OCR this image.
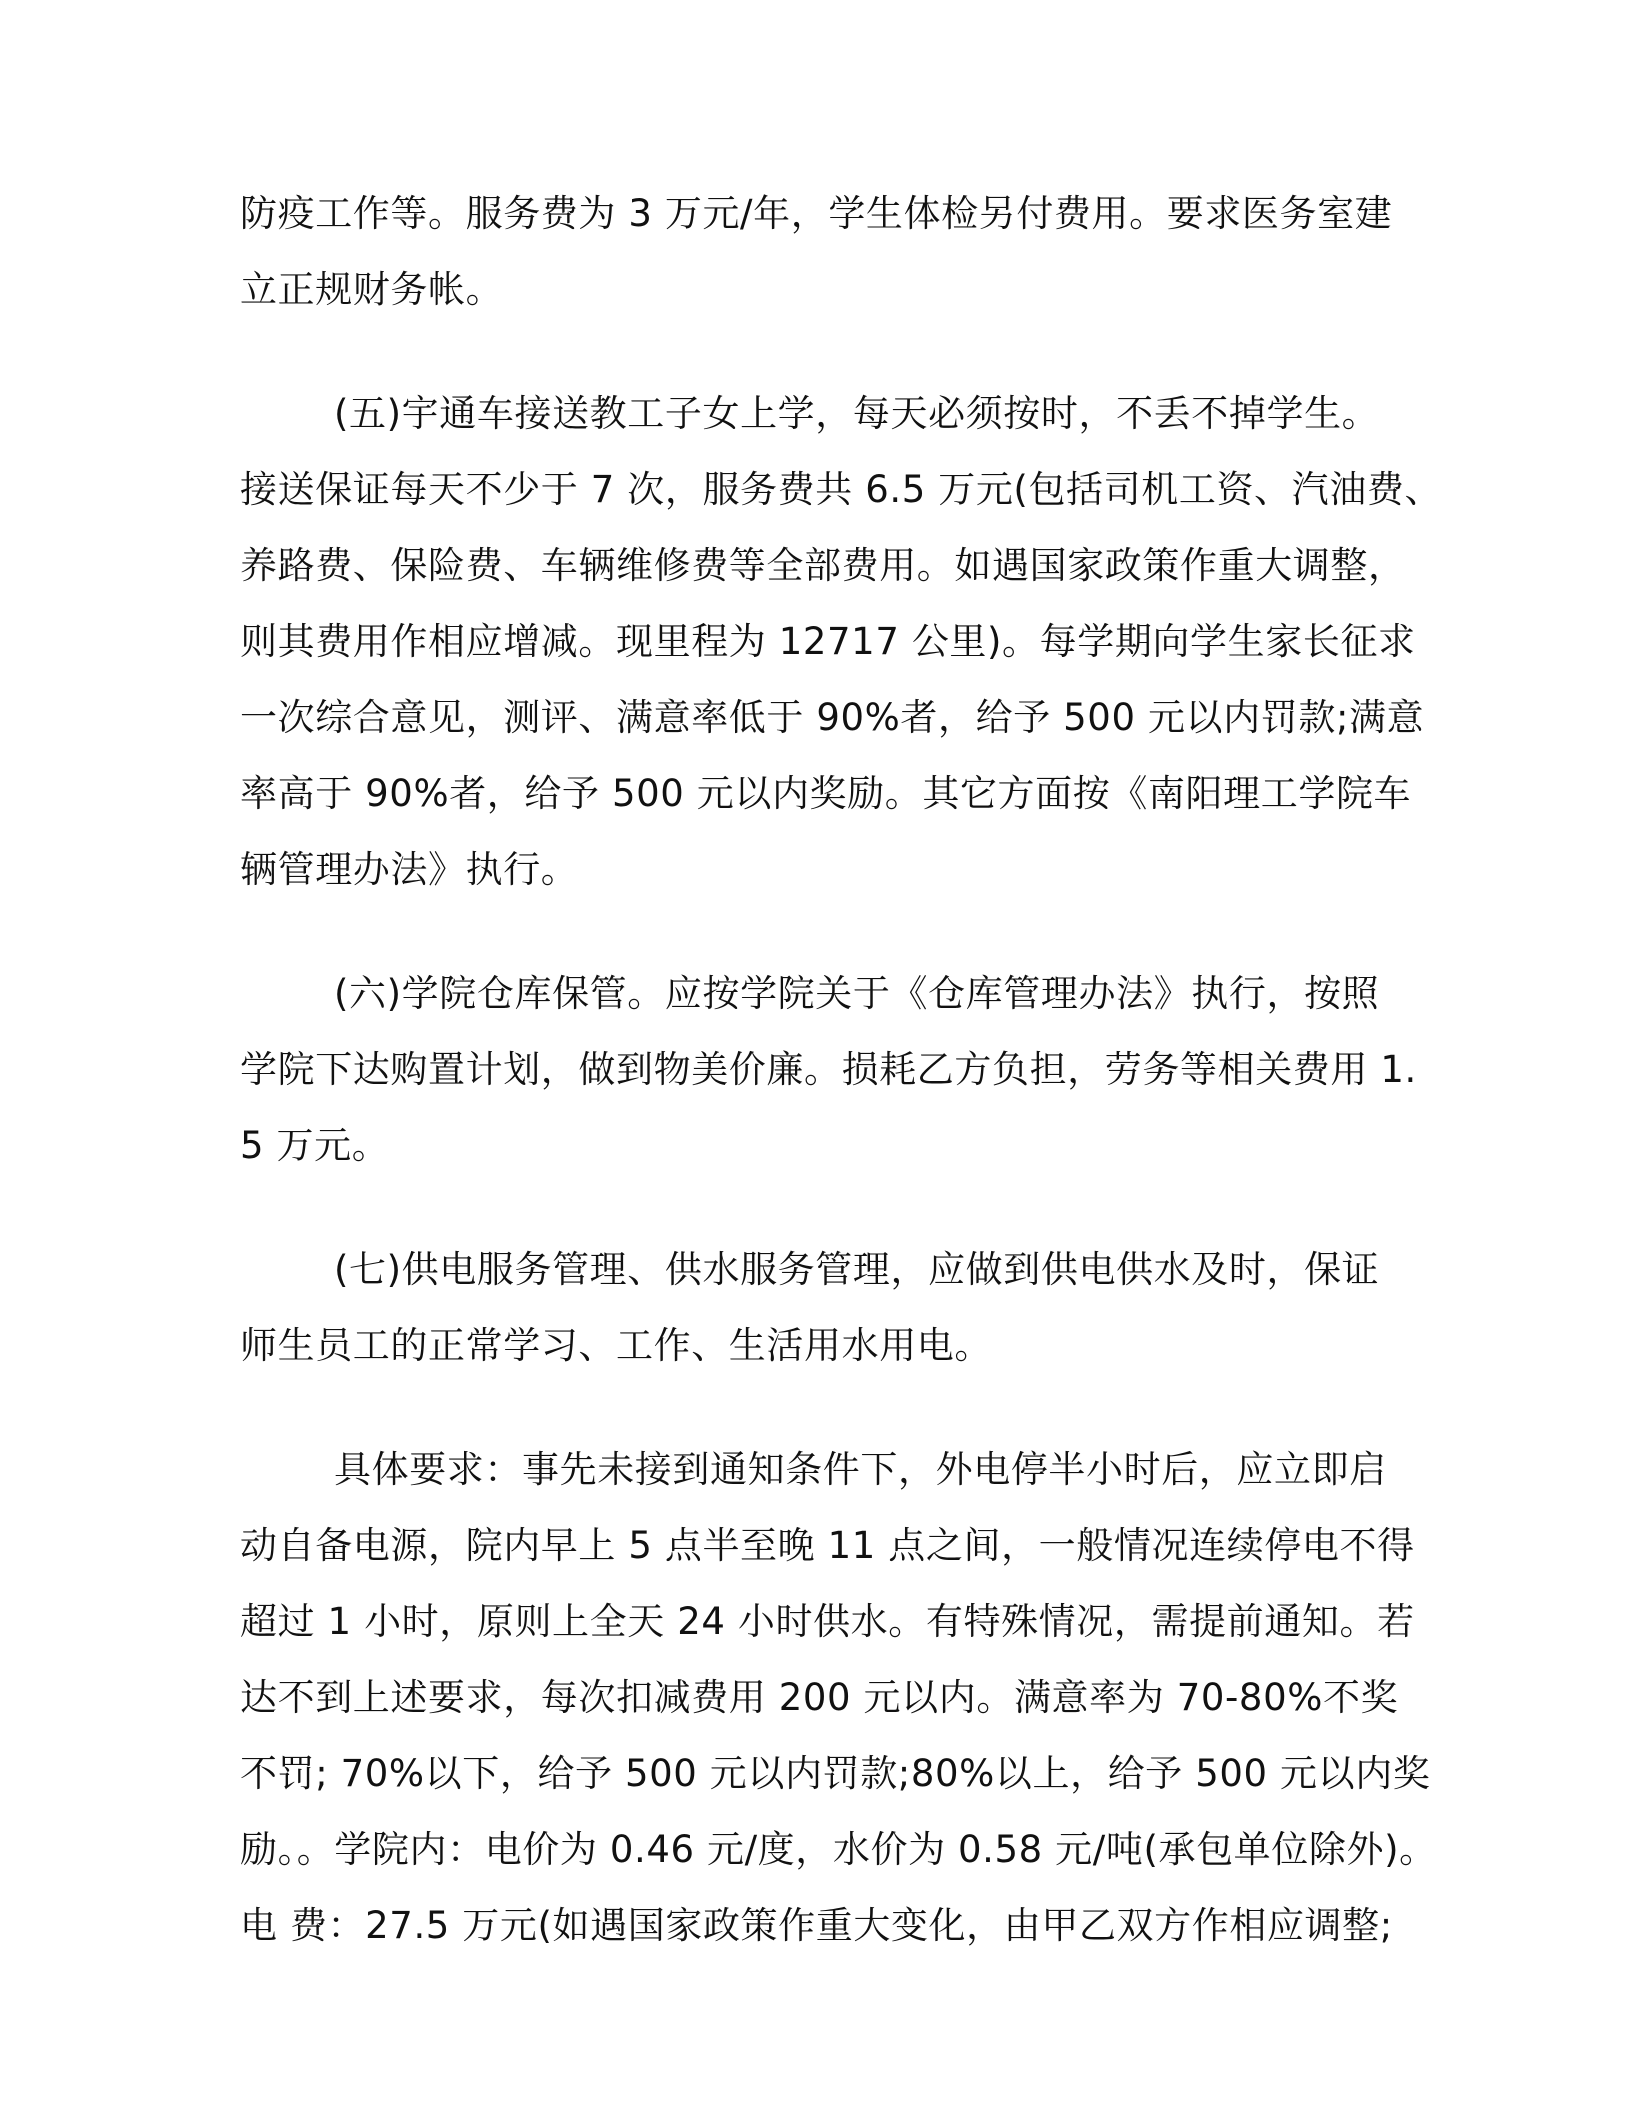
防疫工作等。服务费为 3 万元/年，学生体检另付费用。要求医务室建
立正规财务帐。
(五)宇通车接送教工子女上学，每天必须按时，不丢不掉学生。
接送保证每天不少于 7 次，服务费共 6.5 万元(包括司机工资、汽油费、
养路费、保险费、车辆维修费等全部费用。如遇国家政策作重大调整，
则其费用作相应增减。现里程为 12717 公里)。每学期向学生家长征求
一次综合意见，测评、满意率低于 90%者，给予 500 元以内罚款;满意
率高于 90%者，给予 500 元以内奖励。其它方面按《南阳理工学院车
辆管理办法》执行。
(六)学院仓库保管。应按学院关于《仓库管理办法》执行，按照
学院下达购置计划，做到物美价廉。损耗乙方负担，劳务等相关费用 1.
5 万元。
(七)供电服务管理、供水服务管理，应做到供电供水及时，保证
师生员工的正常学习、工作、生活用水用电。
具体要求：事先未接到通知条件下，外电停半小时后，应立即启
动自备电源，院内早上 5 点半至晚 11 点之间，一般情况连续停电不得
超过 1 小时，原则上全天 24 小时供水。有特殊情况，需提前通知。若
达不到上述要求，每次扣减费用 200 元以内。满意率为 70-80%不奖
不罚; 70%以下，给予 500 元以内罚款;80%以上，给予 500 元以内奖
励。。学院内：电价为 0.46 元/度，水价为 0.58 元/吨(承包单位除外)。
电 费：27.5 万元(如遇国家政策作重大变化，由甲乙双方作相应调整;
